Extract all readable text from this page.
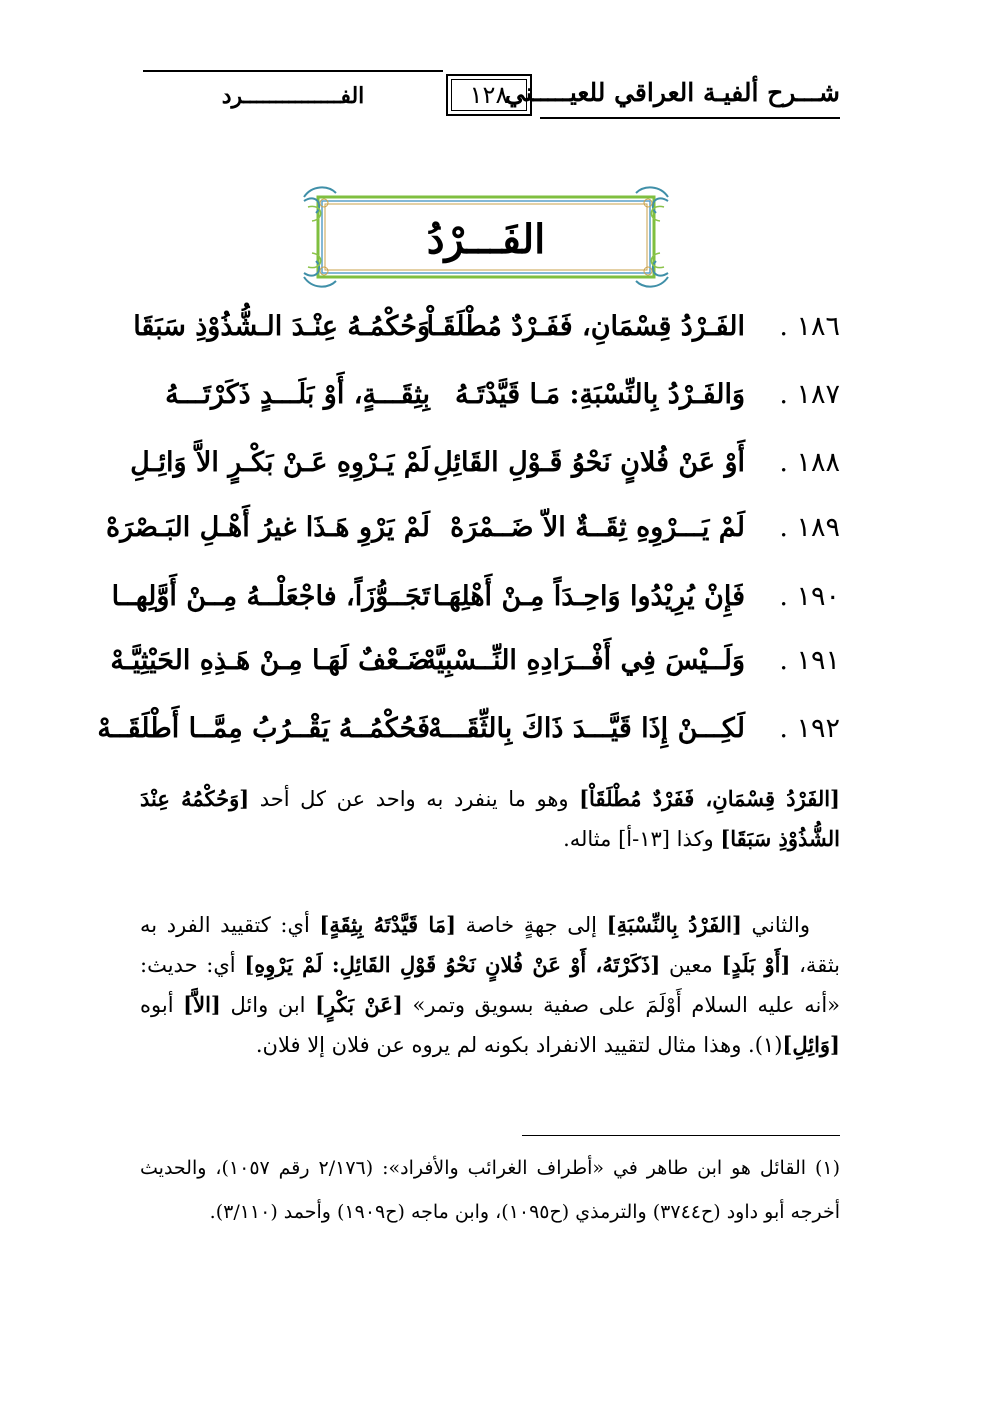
شـــرح ألفيـة العراقي للعيـــــني
١٢٨
الفـــــــــــــــرد
الفَـــرْدُ
١٨٦ .
الفَـرْدُ قِسْمَانِ، فَفَـرْدٌ مُطْلَقَـاْ
وَحُكْمُـهُ عِنْـدَ الـشُّذُوْذِ سَبَقَا
١٨٧ .
وَالفَـرْدُ بِالنِّسْبَةِ: مَـا قَيَّدْتَـهُ
بِثِقَـــةٍ، أَوْ بَلَـــدٍ ذَكَرْتَـــهُ
١٨٨ .
أَوْ عَنْ فُلانٍ نَحْوُ قَـوْلِ القَائِلِ
لَمْ يَـرْوِهِ عَـنْ بَكْـرٍ الاَّ وَائِـلِ
١٨٩ .
لَمْ يَـــرْوِهِ ثِقَــةٌ الاّ ضَــمْرَهْ
لَمْ يَرْوِ هَـذَا غيرُ أَهْـلِ البَـصْرَهْ
١٩٠ .
فَإِنْ يُرِيْدُوا وَاحِـدَاً مِـنْ أَهْلِهَـا
تَجَــوُّزَاً، فاجْعَلْــهُ مِــنْ أَوَّلِهــا
١٩١ .
وَلَــيْسَ فِي أَفْــرَادِهِ النِّــسْبِيَّهْ
ضَـعْفٌ لَهَـا مِـنْ هَـذِهِ الحَيْثِيَّـهْ
١٩٢ .
لَكِـــنْ إِذَا قَيَّـــدَ ذَاكَ بِالثِّقَـــهْ
فَحُكْمُــهُ يَقْــرُبُ مِمَّــا أَطْلَقَــهْ
[الفَرْدُ قِسْمَانِ، فَفَرْدٌ مُطْلَقَاْ] وهو ما ينفرد به واحد عن كل أحد [وَحُكْمُهُ عِنْدَ الشُّذُوْذِ سَبَقَا] وكذا [١٣-أ] مثاله.
والثاني [الفَرْدُ بِالنِّسْبَةِ] إلى جهةٍ خاصة [مَا قَيَّدْتَهُ بِثِقَةٍ] أي: كتقييد الفرد به بثقة، [أَوْ بَلَدٍ] معين [ذَكَرْتَهُ، أَوْ عَنْ فُلانٍ نَحْوُ قَوْلِ القَائِلِ: لَمْ يَرْوِهِ] أي: حديث: «أنه عليه السلام أَوْلَمَ على صفية بسويق وتمر» [عَنْ بَكْرٍ] ابن وائل [الاَّ] أبوه [وَائِلِ](١). وهذا مثال لتقييد الانفراد بكونه لم يروه عن فلان إلا فلان.
(١) القائل هو ابن طاهر في «أطراف الغرائب والأفراد»: (٢/١٧٦ رقم ١٠٥٧)، والحديث أخرجه أبو داود (ح٣٧٤٤) والترمذي (ح١٠٩٥)، وابن ماجه (ح١٩٠٩) وأحمد (٣/١١٠).
